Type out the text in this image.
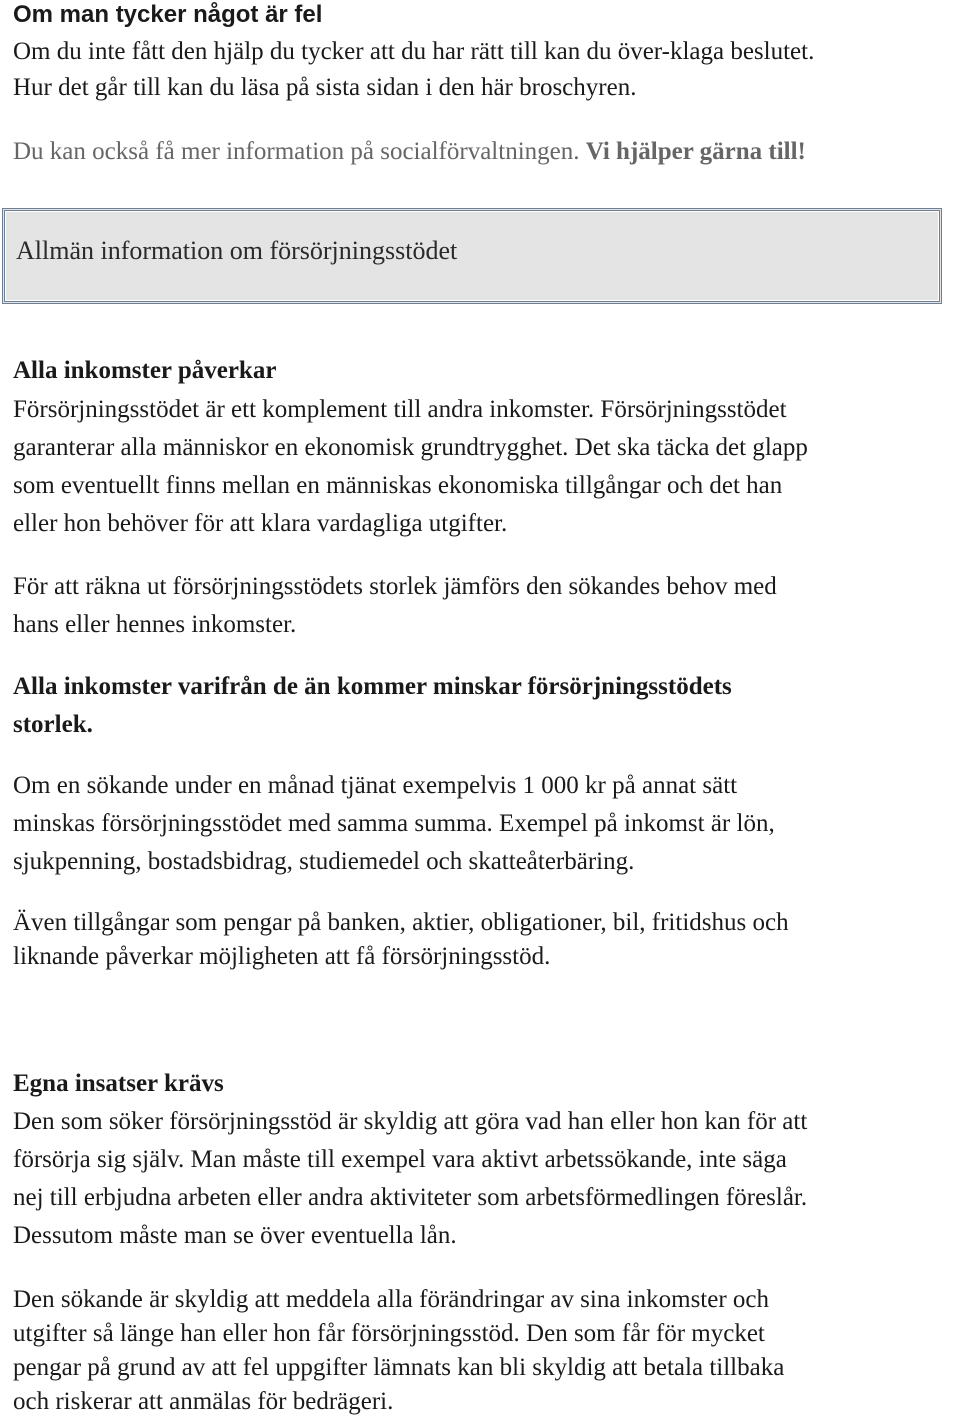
Om man tycker något är fel
Om du inte fått den hjälp du tycker att du har rätt till kan du över-klaga beslutet.
Hur det går till kan du läsa på sista sidan i den här broschyren.
Du kan också få mer information på socialförvaltningen. Vi hjälper gärna till!
Allmän information om försörjningsstödet
Alla inkomster påverkar
Försörjningsstödet är ett komplement till andra inkomster. Försörjningsstödet
garanterar alla människor en ekonomisk grundtrygghet. Det ska täcka det glapp
som eventuellt finns mellan en människas ekonomiska tillgångar och det han
eller hon behöver för att klara vardagliga utgifter.
För att räkna ut försörjningsstödets storlek jämförs den sökandes behov med
hans eller hennes inkomster.
Alla inkomster varifrån de än kommer minskar försörjningsstödets
storlek.
Om en sökande under en månad tjänat exempelvis 1 000 kr på annat sätt
minskas försörjningsstödet med samma summa. Exempel på inkomst är lön,
sjukpenning, bostadsbidrag, studiemedel och skatteåterbäring.
Även tillgångar som pengar på banken, aktier, obligationer, bil, fritidshus och
liknande påverkar möjligheten att få försörjningsstöd.
Egna insatser krävs
Den som söker försörjningsstöd är skyldig att göra vad han eller hon kan för att
försörja sig själv. Man måste till exempel vara aktivt arbetssökande, inte säga
nej till erbjudna arbeten eller andra aktiviteter som arbetsförmedlingen föreslår.
Dessutom måste man se över eventuella lån.
Den sökande är skyldig att meddela alla förändringar av sina inkomster och
utgifter så länge han eller hon får försörjningsstöd. Den som får för mycket
pengar på grund av att fel uppgifter lämnats kan bli skyldig att betala tillbaka
och riskerar att anmälas för bedrägeri.
